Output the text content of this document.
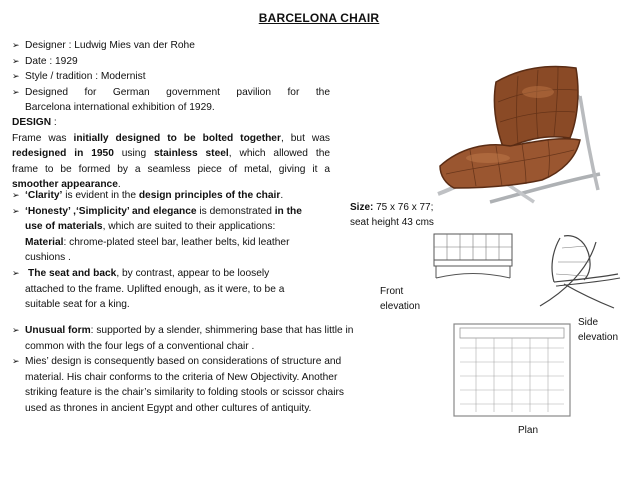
BARCELONA CHAIR
➢ Designer : Ludwig Mies van der Rohe
➢ Date : 1929
➢ Style / tradition : Modernist
➢ Designed for German government pavilion for the
Barcelona international exhibition of 1929.
DESIGN :
Frame was initially designed to be bolted together, but was
redesigned in 1950 using stainless steel, which allowed the
frame to be formed by a seamless piece of metal, giving it a
smoother appearance.
➢ ‘Clarity’ is evident in the design principles of the chair.
➢ ‘Honesty’ ,‘Simplicity’ and elegance is demonstrated in the
use of materials, which are suited to their applications:
Material: chrome-plated steel bar, leather belts, kid leather
cushions .
➢ The seat and back, by contrast, appear to be loosely
attached to the frame. Uplifted enough, as it were, to be a
suitable seat for a king.
➢ Unusual form: supported by a slender, shimmering base that has little in
common with the four legs of a conventional chair .
➢ Mies’ design is consequently based on considerations of structure and
material. His chair conforms to the criteria of New Objectivity. Another
striking feature is the chair’s similarity to folding stools or scissor chairs
used as thrones in ancient Egypt and other cultures of antiquity.
Size: 75 x 76 x 77;
seat height 43 cms
Front
elevation
Side
elevation
Plan
